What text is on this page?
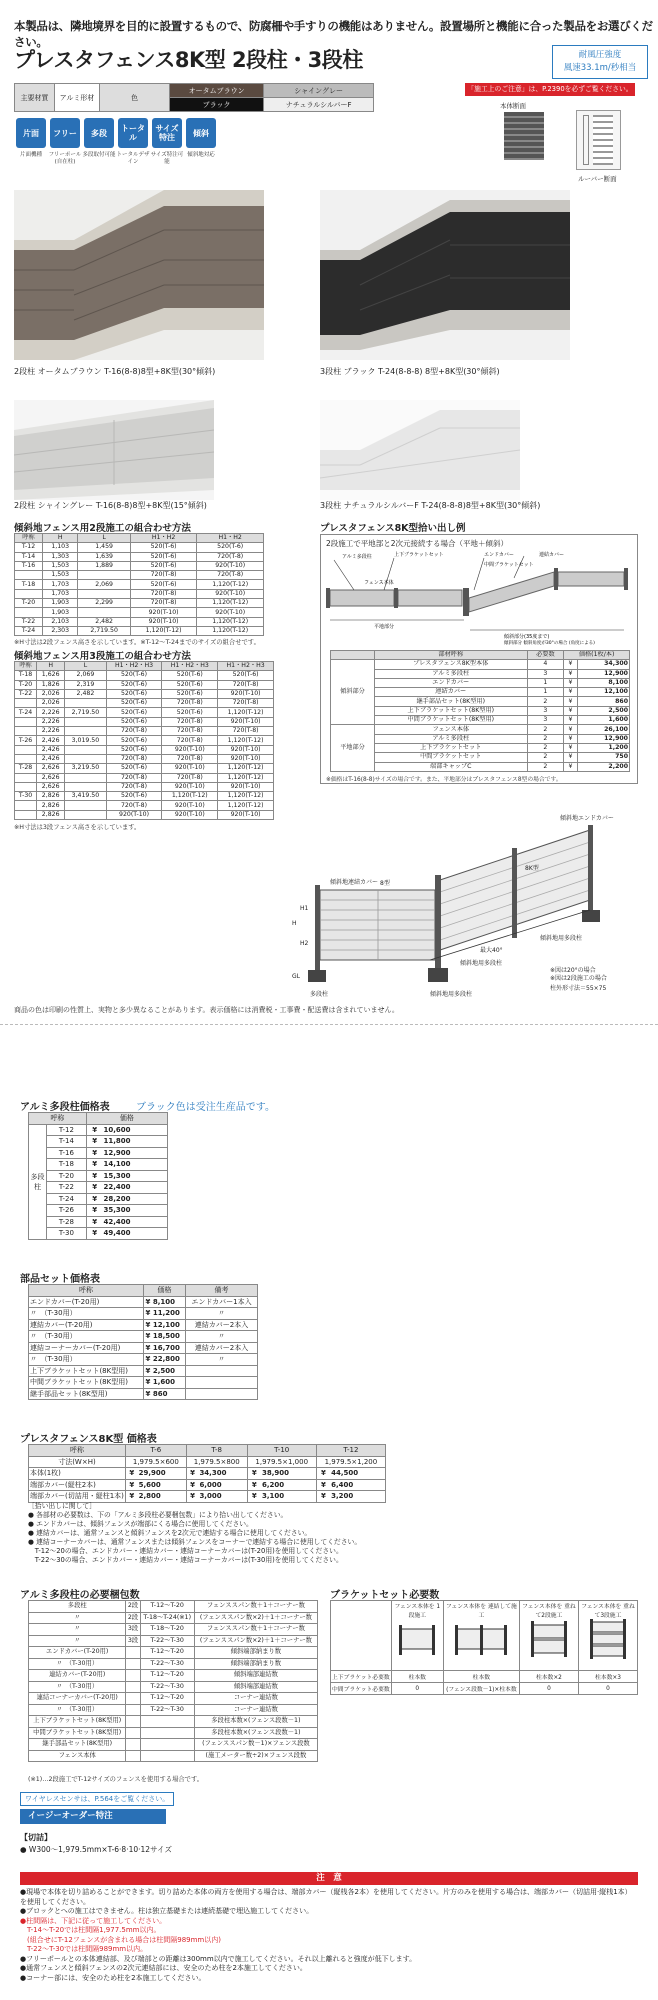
本製品は、隣地境界を目的に設置するもので、防腐柵や手すりの機能はありません。設置場所と機能に合った製品をお選びください。
プレスタフェンス8K型 2段柱・3段柱	耐風圧強度
風速33.1m/秒相当
主要材質	アルミ形材	色	オータムブラウン	シャイングレー
			ブラック	ナチュラルシルバーF
「施工上のご注意」は、P.2390を必ずご覧ください。
本体断面
ルーバー断面
片面	フリー	多段	トータル
サイズ 特注	傾斜
片面機種	フリーポール (自在柱)
多段取付可能 トータルデザイン
サイズ特注可能
傾斜地対応
2段柱 オータムブラウン T-16(8-8)8型+8K型(30°傾斜)	3段柱 ブラック T-24(8-8-8) 8型+8K型(30°傾斜)
2段柱 シャイングレー T-16(8-8)8型+8K型(15°傾斜)	3段柱 ナチュラルシルバーF T-24(8-8-8)8型+8K型(30°傾斜)
傾斜地フェンス用2段施工の組合わせ方法
呼称	H	L	H1・H2	H1・H2
T-12	1,103	1,459	520(T-6)	520(T-6)
T-14	1,303	1,639	520(T-6)	720(T-8)
T-16	1,503	1,889	520(T-6)	920(T-10)
	1,503		720(T-8)	720(T-8)
T-18	1,703	2,069	520(T-6)	1,120(T-12)
	1,703		720(T-8)	920(T-10)
T-20	1,903	2,299	720(T-8)	1,120(T-12)
	1,903		920(T-10)	920(T-10)
T-22	2,103	2,482	920(T-10)	1,120(T-12)
T-24	2,303	2,719.50	1,120(T-12)	1,120(T-12)
※H寸法は2段フェンス高さを示しています。※T-12～T-24までのサイズの組合せです。
傾斜地フェンス用3段施工の組合わせ方法
呼称	H	L	H1・H2・H3	H1・H2・H3	H1・H2・H3
T-18	1,626	2,069	520(T-6)	520(T-6)	520(T-6)
T-20	1,826	2,319	520(T-6)	520(T-6)	720(T-8)
T-22	2,026	2,482	520(T-6)	520(T-6)	920(T-10)
	2,026		520(T-6)	720(T-8)	720(T-8)
T-24	2,226	2,719.50	520(T-6)	520(T-6)	1,120(T-12)
	2,226		520(T-6)	720(T-8)	920(T-10)
	2,226		720(T-8)	720(T-8)	720(T-8)
T-26	2,426	3,019.50	520(T-6)	720(T-8)	1,120(T-12)
	2,426		520(T-6)	920(T-10)	920(T-10)
	2,426		720(T-8)	720(T-8)	920(T-10)
T-28	2,626	3,219.50	520(T-6)	920(T-10)	1,120(T-12)
	2,626		720(T-8)	720(T-8)	1,120(T-12)
	2,626		720(T-8)	920(T-10)	920(T-10)
T-30	2,826	3,419.50	520(T-6)	1,120(T-12)	1,120(T-12)
	2,826		720(T-8)	920(T-10)	1,120(T-12)
	2,826		920(T-10)	920(T-10)	920(T-10)
※H寸法は3段フェンス高さを示しています。
プレスタフェンス8K型拾い出し例
2段施工で平地部と2次元接続する場合（平地＋傾斜）
アルミ多段柱	上下ブラケットセット	エンドカバー	連結カバー
フェンス本体
中間ブラケットセット
平地部分
傾斜部分(35度まで)
傾斜部分 傾斜角度が30°の場合 (角度による)
	部材呼称	必要数	価格(1枚/本)	
傾斜部分	プレスタフェンス8K型本体	4	¥	34,300
	アルミ多段柱	3	¥	12,900
	エンドカバー	1	¥	8,100
	連結カバー	1	¥	12,100
	継手部品セット(8K型用)	2	¥	860
	上下ブラケットセット(8K型用)	3	¥	2,500
	中間ブラケットセット(8K型用)	3	¥	1,600
平地部分	フェンス本体	2	¥	26,100
	アルミ多段柱	2	¥	12,900
	上下ブラケットセット	2	¥	1,200
	中間ブラケットセット	2	¥	750
	端部キャップC	2	¥	2,200
※価格はT-16(8-8)サイズの場合です。また、平地部分はプレスタフェンス8型の場合です。
傾斜地エンドカバー
8K型
8型
傾斜地連結カバー
傾斜地用多段柱
傾斜地用多段柱
多段柱	傾斜地用多段柱
最大40°
※図は20°の場合
※図は2段施工の場合
柱外形寸法＝55×75
H
H1
H2
GL
商品の色は印刷の性質上、実物と多少異なることがあります。表示価格には消費税・工事費・配送費は含まれていません。
アルミ多段柱価格表	ブラック色は受注生産品です。
呼称		価格	
多段柱	T-12	¥	10,600
	T-14	¥	11,800
	T-16	¥	12,900
	T-18	¥	14,100
	T-20	¥	15,300
	T-22	¥	22,400
	T-24	¥	28,200
	T-26	¥	35,300
	T-28	¥	42,400
	T-30	¥	49,400
部品セット価格表
呼称	価格		備考
エンドカバー(T-20用)	¥	8,100	エンドカバー1本入
〃　（T-30用）	¥	11,200	〃
連結カバー(T-20用)	¥	12,100	連結カバー2本入
〃　（T-30用）	¥	18,500	〃
連結コーナーカバー(T-20用)	¥	16,700	連結カバー2本入
〃　（T-30用）	¥	22,800	〃
上下ブラケットセット(8K型用)	¥	2,500	
中間ブラケットセット(8K型用)	¥	1,600	
継手部品セット(8K型用)	¥	860	
プレスタフェンス8K型 価格表
呼称	T-6		T-8		T-10		T-12	
寸法(W×H)	1,979.5×600		1,979.5×800		1,979.5×1,000		1,979.5×1,200	
本体(1枚)	¥	29,900	¥	34,300	¥	38,900	¥	44,500
端部カバー(縦柱2本)	¥	5,600	¥	6,000	¥	6,200	¥	6,400
端部カバー(切詰用・縦柱1本)	¥	2,800	¥	3,000	¥	3,100	¥	3,200
［拾い出しに関して］
● 各部材の必要数は、下の「アルミ多段柱必要梱包数」により拾い出してください。
● エンドカバーは、傾斜フェンスが端部にくる場合に使用してください。
● 連結カバーは、通常フェンスと傾斜フェンスを2次元で連結する場合に使用してください。
● 連結コーナーカバーは、通常フェンスまたは傾斜フェンスをコーナーで連結する場合に使用してください。
　T-12～20の場合、エンドカバー・連結カバー・連結コーナーカバーは(T-20用)を使用してください。
　T-22～30の場合、エンドカバー・連結カバー・連結コーナーカバーは(T-30用)を使用してください。
アルミ多段柱の必要梱包数
多段柱	2段	T-12～T-20	フェンススパン数＋1＋コーナー数
〃	2段	T-18～T-24(※1)	(フェンススパン数×2)＋1＋コーナー数
〃	3段	T-18～T-20	フェンススパン数＋1＋コーナー数
〃	3段	T-22～T-30	(フェンススパン数×2)＋1＋コーナー数
エンドカバー(T-20用)		T-12～T-20	傾斜端部納まり数
〃　（T-30用）		T-22～T-30	傾斜端部納まり数
連結カバー(T-20用)		T-12～T-20	傾斜端部連結数
〃　（T-30用）		T-22～T-30	傾斜端部連結数
連結コーナーカバー(T-20用)		T-12～T-20	コーナー連結数
〃　（T-30用）		T-22～T-30	コーナー連結数
上下ブラケットセット(8K型用)			多段柱本数×(フェンス段数－1)
中間ブラケットセット(8K型用)			多段柱本数×(フェンス段数－1)
継手部品セット(8K型用)			(フェンススパン数－1)×フェンス段数
フェンス本体			(施工メーター数÷2)×フェンス段数
(※1)…2段施工でT-12サイズのフェンスを使用する場合です。
ブラケットセット必要数

	フェンス本体を 1段施工	フェンス本体を 連結して施工	フェンス本体を 重ねて2段施工	フェンス本体を 重ねて3段施工

上下ブラケット必要数	柱本数	柱本数	柱本数×2	柱本数×3
中間ブラケット必要数	0	(フェンス段数－1)×柱本数	0	0
ワイヤレスセンサは、P.564をご覧ください。
イージーオーダー特注
【切詰】
● W300～1,979.5mm×T-6·8·10·12サイズ
注　意
●現場で本体を切り詰めることができます。切り詰めた本体の両方を使用する場合は、端部カバー（縦桟各2本）を使用してください。片方のみを使用する場合は、端部カバー（切詰用·縦桟1本）を使用してください。
●ブロックとへの施工はできません。柱は独立基礎または連続基礎で埋込施工してください。
●柱間隔は、下記に従って施工してください。
　T-14～T-20では柱間隔1,977.5mm以内。
　(組合せにT-12フェンスが含まれる場合は柱間隔989mm以内)
　T-22～T-30では柱間隔989mm以内。
●フリーポールとの本体連結部、及び端部との距離は300mm以内で施工してください。それ以上離れると強度が低下します。
●通常フェンスと傾斜フェンスの2次元連結部には、安全のため柱を2本施工してください。
●コーナー部には、安全のため柱を2本施工してください。
